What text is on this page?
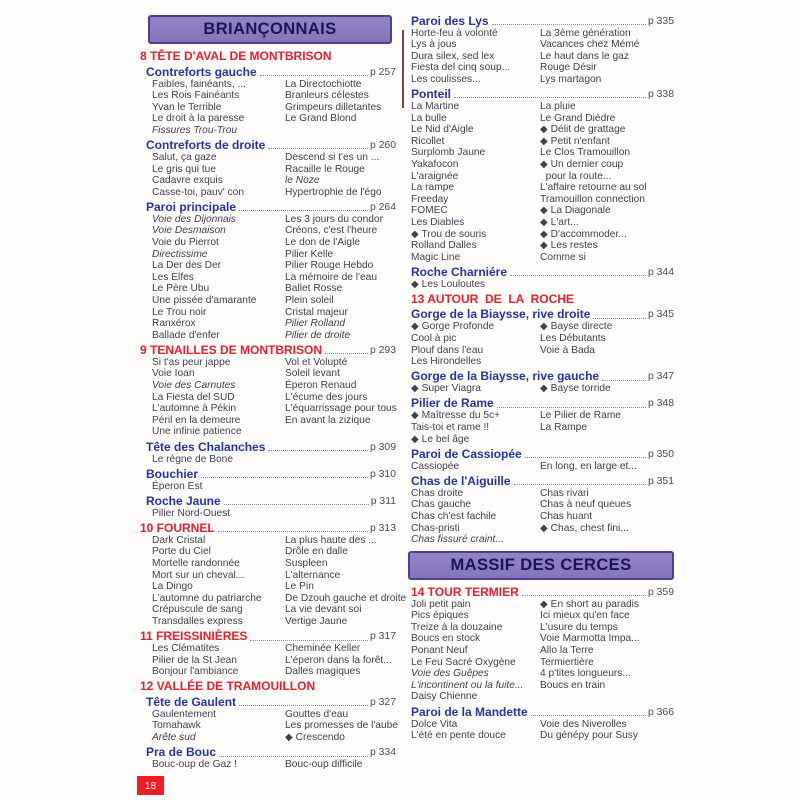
BRIANÇONNAIS
8 TÊTE D'AVAL DE MONTBRISON
Contreforts gauche	p 257
Faibles, fainéants, ...	La Directochiotte
Les Rois Fainéants	Branleurs célestes
Yvan le Terrible	Grimpeurs dilletantes
Le droit à la paresse	Le Grand Blond
Fissures Trou-Trou
Contreforts de droite	p 260
Salut, ça gaze	Descend si t'es un ...
Le gris qui tue	Racaille le Rouge
Cadavre exquis	le Noze
Casse-toi, pauv' con	Hypertrophie de l'égo
Paroi principale	p 264
Voie des Dijonnais	Les 3 jours du condor
Voie Desmaison	Créons, c'est l'heure
Voie du Pierrot	Le don de l'Aigle
Directissime	Pilier Kelle
La Der des Der	Pilier Rouge Hebdo
Les Elfes	La mémoire de l'eau
Le Père Ubu	Ballet Rosse
Une pissée d'amarante	Plein soleil
Le Trou noir	Cristal majeur
Ranxérox	Pilier Rolland
Ballade d'enfer	Pilier de droite
9 TENAILLES DE MONTBRISON	p 293
Si t'as peur jappe	Vol et Volupté
Voie Ioan	Soleil levant
Voie des Carnutes	Éperon Renaud
La Fiesta del SUD	L'écume des jours
L'automne à Pékin	L'équarrissage pour tous
Péril en la demeure	En avant la zizique
Une infinie patience
Tête des Chalanches	p 309
Le règne de Bone
Bouchier	p 310
Éperon Est
Roche Jaune	p 311
Pilier Nord-Ouest
10 FOURNEL	p 313
Dark Cristal	La plus haute des ...
Porte du Ciel	Drôle en dalle
Mortelle randonnée	Suspleen
Mort sur un cheval...	L'alternance
La Dingo	Le Pin
L'automne du patriarche	De Dzouh gauche et droite
Crépuscule de sang	La vie devant soi
Transdalles express	Vertige Jaune
11 FREISSINIÈRES	p 317
Les Clématites	Cheminée Keller
Pilier de la St Jean	L'éperon dans la forêt...
Bonjour l'ambiance	Dalles magiques
12 VALLÉE DE TRAMOUILLON
Tête de Gaulent	p 327
Gaulentement	Gouttes d'eau
Tomahawk	Les promesses de l'aube
Arête sud	◆ Crescendo
Pra de Bouc	p 334
Bouc-oup de Gaz !	Bouc-oup difficile
Paroi des Lys	p 335
Horte-feu à volonté	La 3ème génération
Lys à jous	Vacances chez Mémé
Dura silex, sed lex	Le haut dans le gaz
Fiesta del cinq soup...	Rouge Désir
Les coulisses...	Lys martagon
Ponteil	p 338
La Martine	La pluie
La bulle	Le Grand Dièdre
Le Nid d'Aigle	◆ Délit de grattage
Ricollet	◆ Petit n'enfant
Surplomb Jaune	Le Clos Tramouillon
Yakafocon	◆ Un dernier coup
L'araignée	pour la route...
La rampe	L'affaire retourne au sol
Freeday	Tramouillon connection
FOMEC	◆ La Diagonale
Les Diables	◆ L'art...
◆ Trou de souris	◆ D'accommoder...
Rolland Dalles	◆ Les restes
Magic Line	Comme si
Roche Charniére	p 344
◆ Les Louloutes
13 AUTOUR  DE  LA  ROCHE
Gorge de la Biaysse, rive droite	p 345
◆ Gorge Profonde	◆ Bayse directe
Cool à pic	Les Débutants
Plouf dans l'eau	Voie à Bada
Les Hirondelles
Gorge de la Biaysse, rive gauche	p 347
◆ Super Viagra	◆ Bayse torride
Pilier de Rame	p 348
◆ Maîtresse du 5c+	Le Pilier de Rame
Tais-toi et rame !!	La Rampe
◆ Le bel âge
Paroi de Cassiopée	p 350
Cassiopée	En long, en large et...
Chas de l'Aiguille	p 351
Chas droite	Chas rivari
Chas gauche	Chas à neuf queues
Chas ch'est fachile	Chas huant
Chas-pristi	◆ Chas, chest fini...
Chas fissuré craint...
MASSIF DES CERCES
14 TOUR TERMIER	p 359
Joli petit pain	◆ En short au paradis
Pics épiques	Ici mieux qu'en face
Treize à la douzaine	L'usure du temps
Boucs en stock	Voie Marmotta Impa...
Ponant Neuf	Allo la Terre
Le Feu Sacré Oxygène	Termiertière
Voie des Guêpes	4 p'tites longueurs...
L'incontinent ou la fuite...	Boucs en train
Daisy Chienne
Paroi de la Mandette	p 366
Dolce Vita	Voie des Niverolles
L'été en pente douce	Du génépy pour Susy
18
